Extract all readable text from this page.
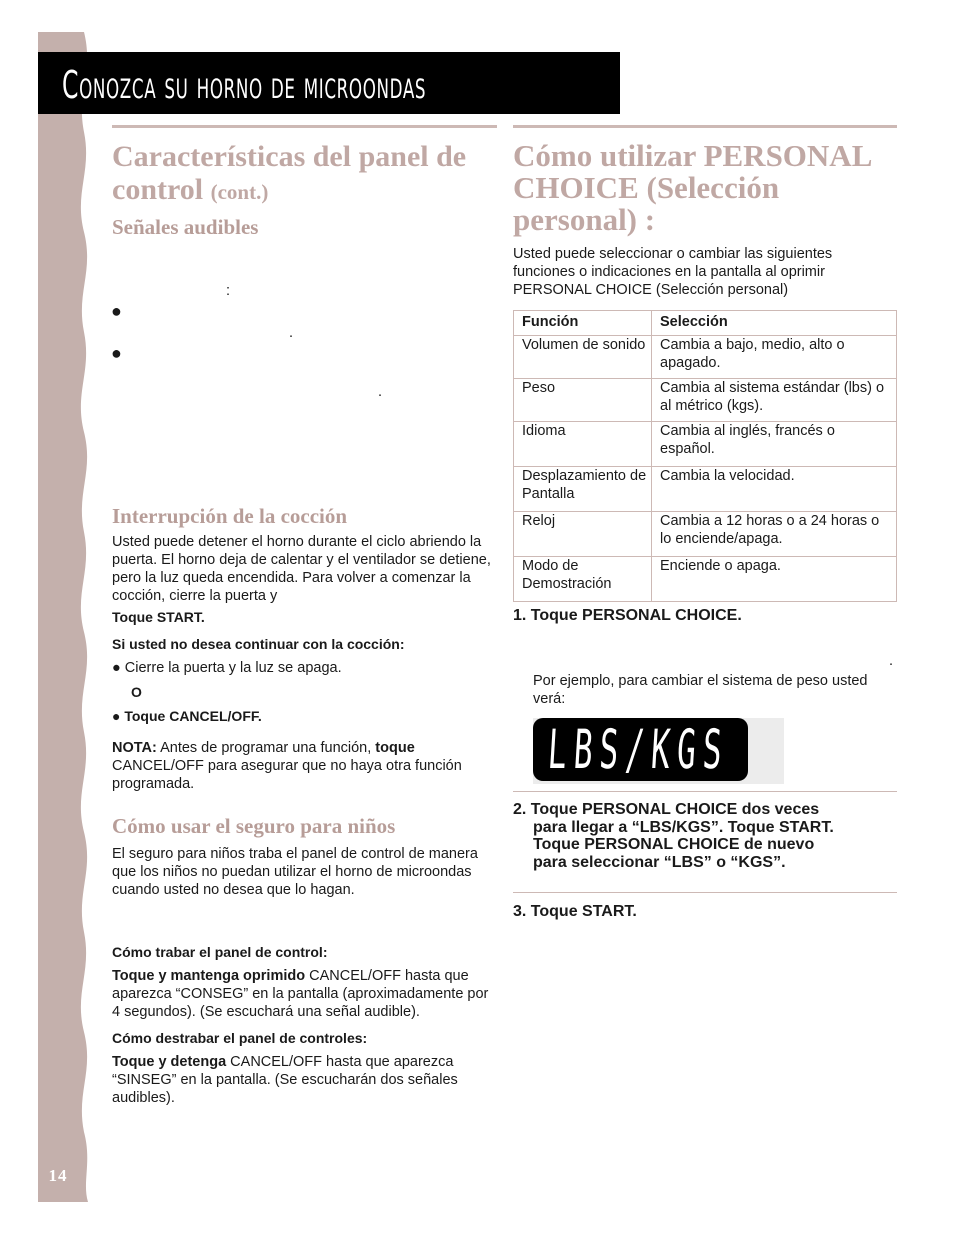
14
Conozca su horno de microondas
Características del panel de control (cont.)
Señales audibles
:
●
.
●
.
Interrupción de la cocción

Usted puede detener el horno durante el ciclo abriendo la puerta. El horno deja de calentar y el ventilador se detiene, pero la luz queda encendida. Para volver a comenzar la cocción, cierre la puerta y

Toque START.

Si usted no desea continuar con la cocción:

● Cierre la puerta y la luz se apaga.
O
● Toque CANCEL/OFF.

NOTA: Antes de programar una función, toque CANCEL/OFF para asegurar que no haya otra función programada.

Cómo usar el seguro para niños

El seguro para niños traba el panel de control de manera que los niños no puedan utilizar el horno de microondas cuando usted no desea que lo hagan.

Cómo trabar el panel de control:

Toque y mantenga oprimido CANCEL/OFF hasta que aparezca “CONSEG” en la pantalla (aproximadamente por 4 segundos). (Se escuchará una señal audible).

Cómo destrabar el panel de controles:

Toque y detenga CANCEL/OFF hasta que aparezca “SINSEG” en la pantalla. (Se escucharán dos señales audibles).

Cómo utilizar PERSONAL CHOICE (Selección personal) :

Usted puede seleccionar o cambiar las siguientes funciones o indicaciones en la pantalla al oprimir PERSONAL CHOICE (Selección personal)

Función	Selección
Volumen de sonido	Cambia a bajo, medio, alto o apagado.
Peso	Cambia al sistema estándar (lbs) o al métrico (kgs).
Idioma	Cambia al inglés, francés o español.
Desplazamiento de Pantalla	Cambia la velocidad.
Reloj	Cambia a 12 horas o a 24 horas o lo enciende/apaga.
Modo de Demostración	Enciende o apaga.

1. Toque PERSONAL CHOICE.

.

Por ejemplo, para cambiar el sistema de peso usted verá:

LBS/KGS
2. Toque PERSONAL CHOICE dos veces
para llegar a “LBS/KGS”. Toque START.
Toque PERSONAL CHOICE de nuevo
para seleccionar “LBS” o “KGS”.

3. Toque START.
